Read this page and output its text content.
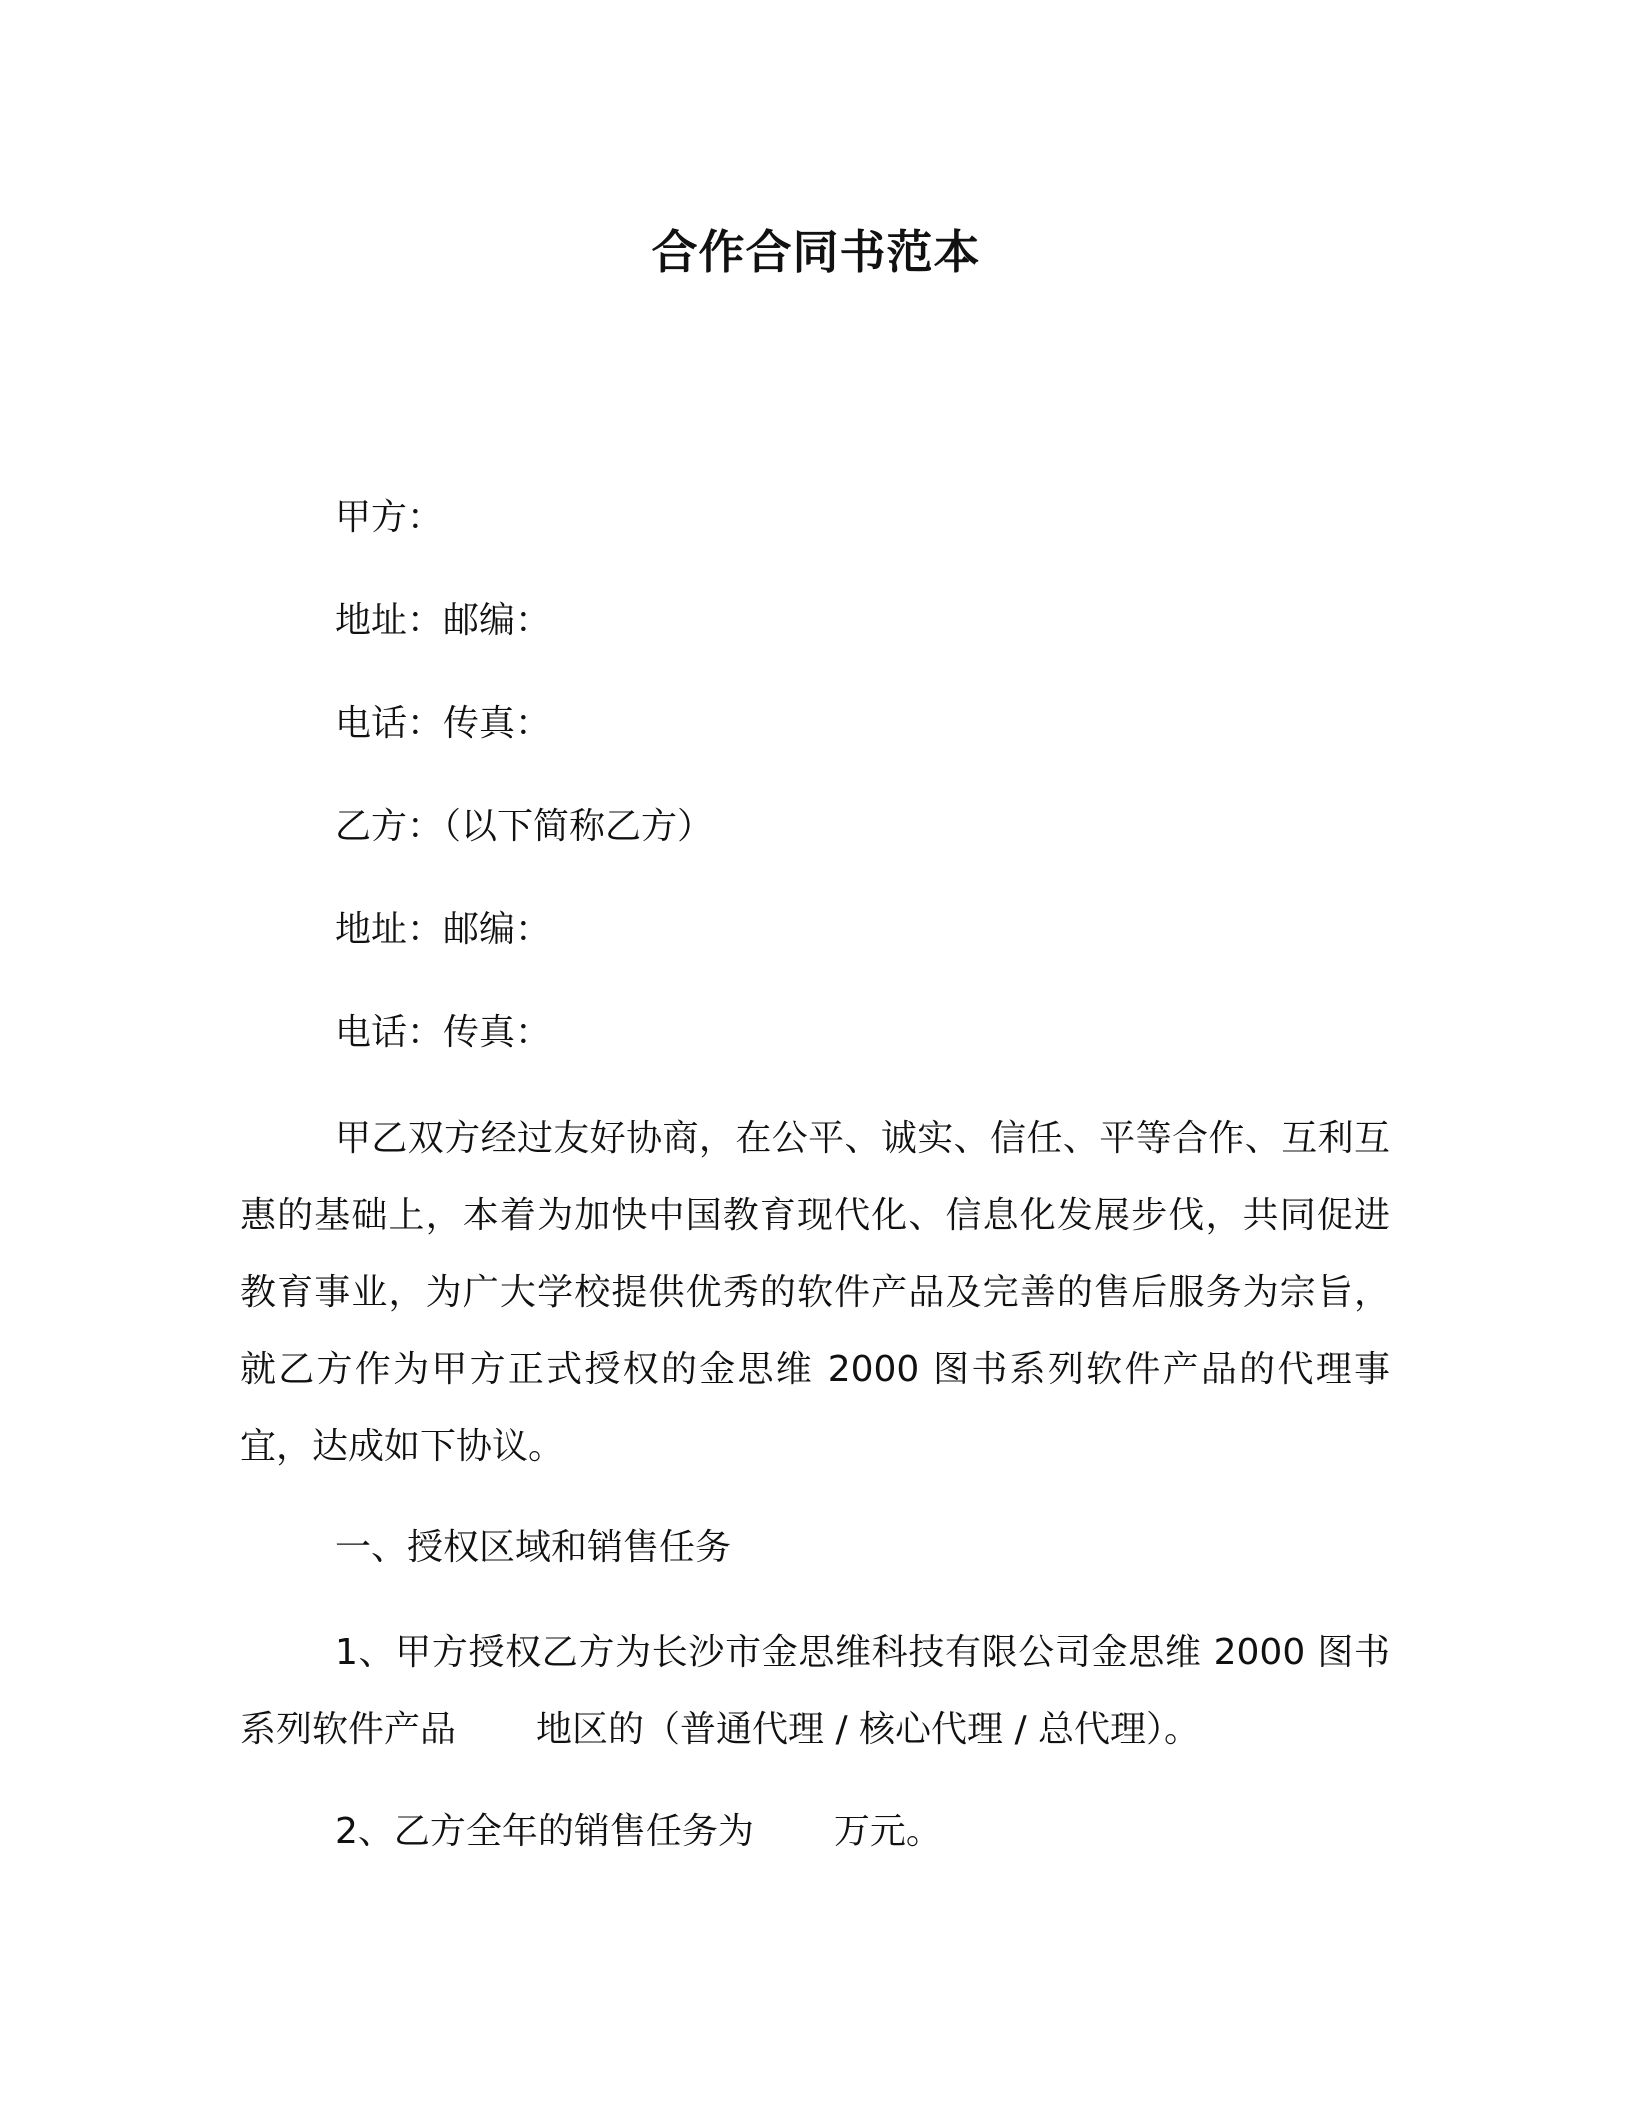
合作合同书范本
甲方：
地址：邮编：
电话：传真：
乙方：（以下简称乙方）
地址：邮编：
电话：传真：
甲乙双方经过友好协商，在公平、诚实、信任、平等合作、互利互惠的基础上，本着为加快中国教育现代化、信息化发展步伐，共同促进教育事业，为广大学校提供优秀的软件产品及完善的售后服务为宗旨，就乙方作为甲方正式授权的金思维 2000 图书系列软件产品的代理事宜，达成如下协议。
一、授权区域和销售任务
1、甲方授权乙方为长沙市金思维科技有限公司金思维 2000 图书系列软件产品 地区的（普通代理 / 核心代理 / 总代理）。
2、乙方全年的销售任务为 万元。
